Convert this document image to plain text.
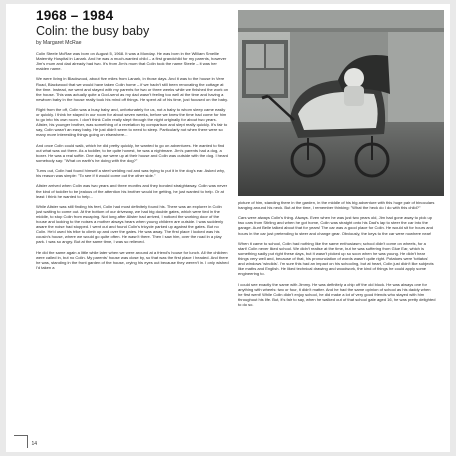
1968 – 1984
Colin: the busy baby
by Margaret McRae

Colin Steele McRae was born on August 5, 1968. It was a Monday. He was born in the William Smellie Maternity Hospital in Lanark. And he was a much-wanted child – a first grandchild for my parents, however Jim's mum and dad already had two. It's from Jim's mum that Colin took the name Steele – it was her maiden name.

We were living in Blackwood, about five miles from Lanark, in those days. And it was to the house in Vere Road, Blackwood that we would have taken Colin home – if we hadn't still been renovating the cottage at the time. Instead, we went and stayed with my parents for two or three weeks while we finished the work on the house. This was actually quite a God-send as my dad wasn't feeling too well at the time and having a newborn baby in the house really took his mind off things. He spent all of his time, just focused on the baby.

Right from the off, Colin was a busy baby and, unfortunately for us, not a baby to whom sleep came easily or quickly. I think he stayed in our room for about seven weeks, before we knew the time had come for him to go into his own room. I don't think Colin really slept through the night originally for about two years. Alister, his younger brother, was something of a revelation by comparison and slept really quickly. It's fair to say, Colin wasn't an easy baby. He just didn't seem to need to sleep. Particularly not when there were so many more interesting things going on elsewhere...

And once Colin could walk, which he did pretty quickly, he wanted to go on adventures. He wanted to find out what was out there. As a toddler, to be quite honest, he was a nightmare. Jim's parents had a dog, a boxer. He was a real softie. One day, we were up at their house and Colin was outside with the dog. I heard somebody say: "What on earth's he doing with the dog?"

Turns out, Colin had found himself a steel welding rod and was trying to put it in the dog's ear. Asked why, his reason was simple: "To see if it would come out the other side."

Alister arrived when Colin was two years and three months and they bonded straightaway. Colin was never the kind of toddler to be jealous of the attention his brother would be getting, he just wanted to help. Or at least I think he wanted to help...

While Alister was still finding his feet, Colin had most definitely found his. There was an explorer in Colin just waiting to come out. At the bottom of our driveway, we had big double gates, which were tied in the middle, to stop Colin from escaping. Not long after Alister had arrived, I noticed the working door of the house and looking to the noises a mother always hears when young children are outside. I was suddenly aware the noise had stopped. I went out and found Colin's tricycle parked up against the gates. But no Colin. He'd used his trike to climb up and over the gates. He was away. The first place I looked was his cousin's house, where we would go quite often. He wasn't there. Then I saw him, over the road in a play park. I was so angry. But at the same time, I was so relieved.

He did the same again a little while later when we were around at a friend's house for lunch. All the children were called in, but no Colin. My parents' house was close by, so that was the first place I headed. And there he was, standing in the front garden of the house, crying his eyes out because they weren't in. I only wished I'd taken a

picture of him, standing there in the garden, in the middle of his big adventure with this huge pair of binoculars hanging around his neck. But at the time, I remember thinking: "What the heck do I do with this child?"

Cars were always Colin's thing. Always. Even when he was just two years old, Jim had gone away to pick up two cars from Stirling and when he got home, Colin was straight onto his Dad's lap to steer the car into the garage. Aunt Belle talked about that for years! The car was a good place for Colin. He would sit for hours and hours in the car just pretending to steer and change gear. Obviously, the keys to the car were nowhere near!

When it came to school, Colin had nothing like the same enthusiasm; school didn't come on wheels, for a start! Colin never liked school. We didn't realise at the time, but he was suffering from Glue Ear, which is something sadly put right these days, but it wasn't picked up so soon when he was young. He didn't hear things very well and, because of that, his pronunciation of words wasn't quite right. Potatoes were 'tottatos' and windows 'windids'. I'm sure this had an impact on his schooling, but at heart, Colin just didn't like subjects like maths and English. He liked technical drawing and woodwork, the kind of things he could apply some engineering to.

I could see exactly the same with Jimmy. He was definitely a chip off the old block. He was always one for anything with wheels: two or four, it didn't matter. And he had the same opinion of school as his daddy when he first went! While Colin didn't enjoy school, he did make a lot of very good friends who stayed with him throughout his life. But, it's fair to say, when he walked out of that school gate aged 16, he was pretty delighted to do so.

14
